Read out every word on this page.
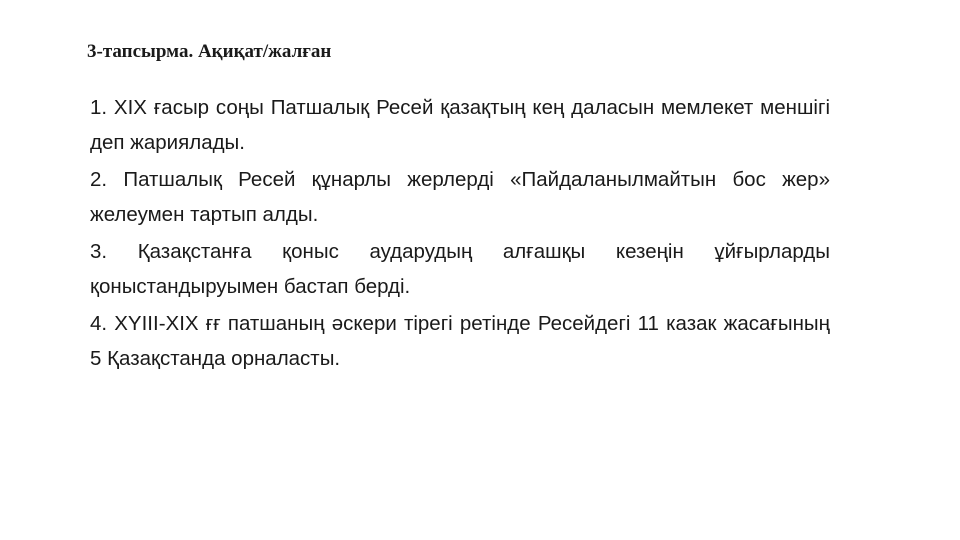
3-тапсырма. Ақиқат/жалған
1. XIX ғасыр соңы Патшалық Ресей қазақтың кең даласын мемлекет меншігі деп жариялады.
2. Патшалық Ресей құнарлы жерлерді «Пайдаланылмайтын бос жер» желеумен тартып алды.
3. Қазақстанға қоныс аударудың алғашқы кезеңін ұйғырларды қоныстандыруымен бастап берді.
4. XYIII-XIX ғғ патшаның әскери тірегі ретінде Ресейдегі 11 казак жасағының 5 Қазақстанда орналасты.
